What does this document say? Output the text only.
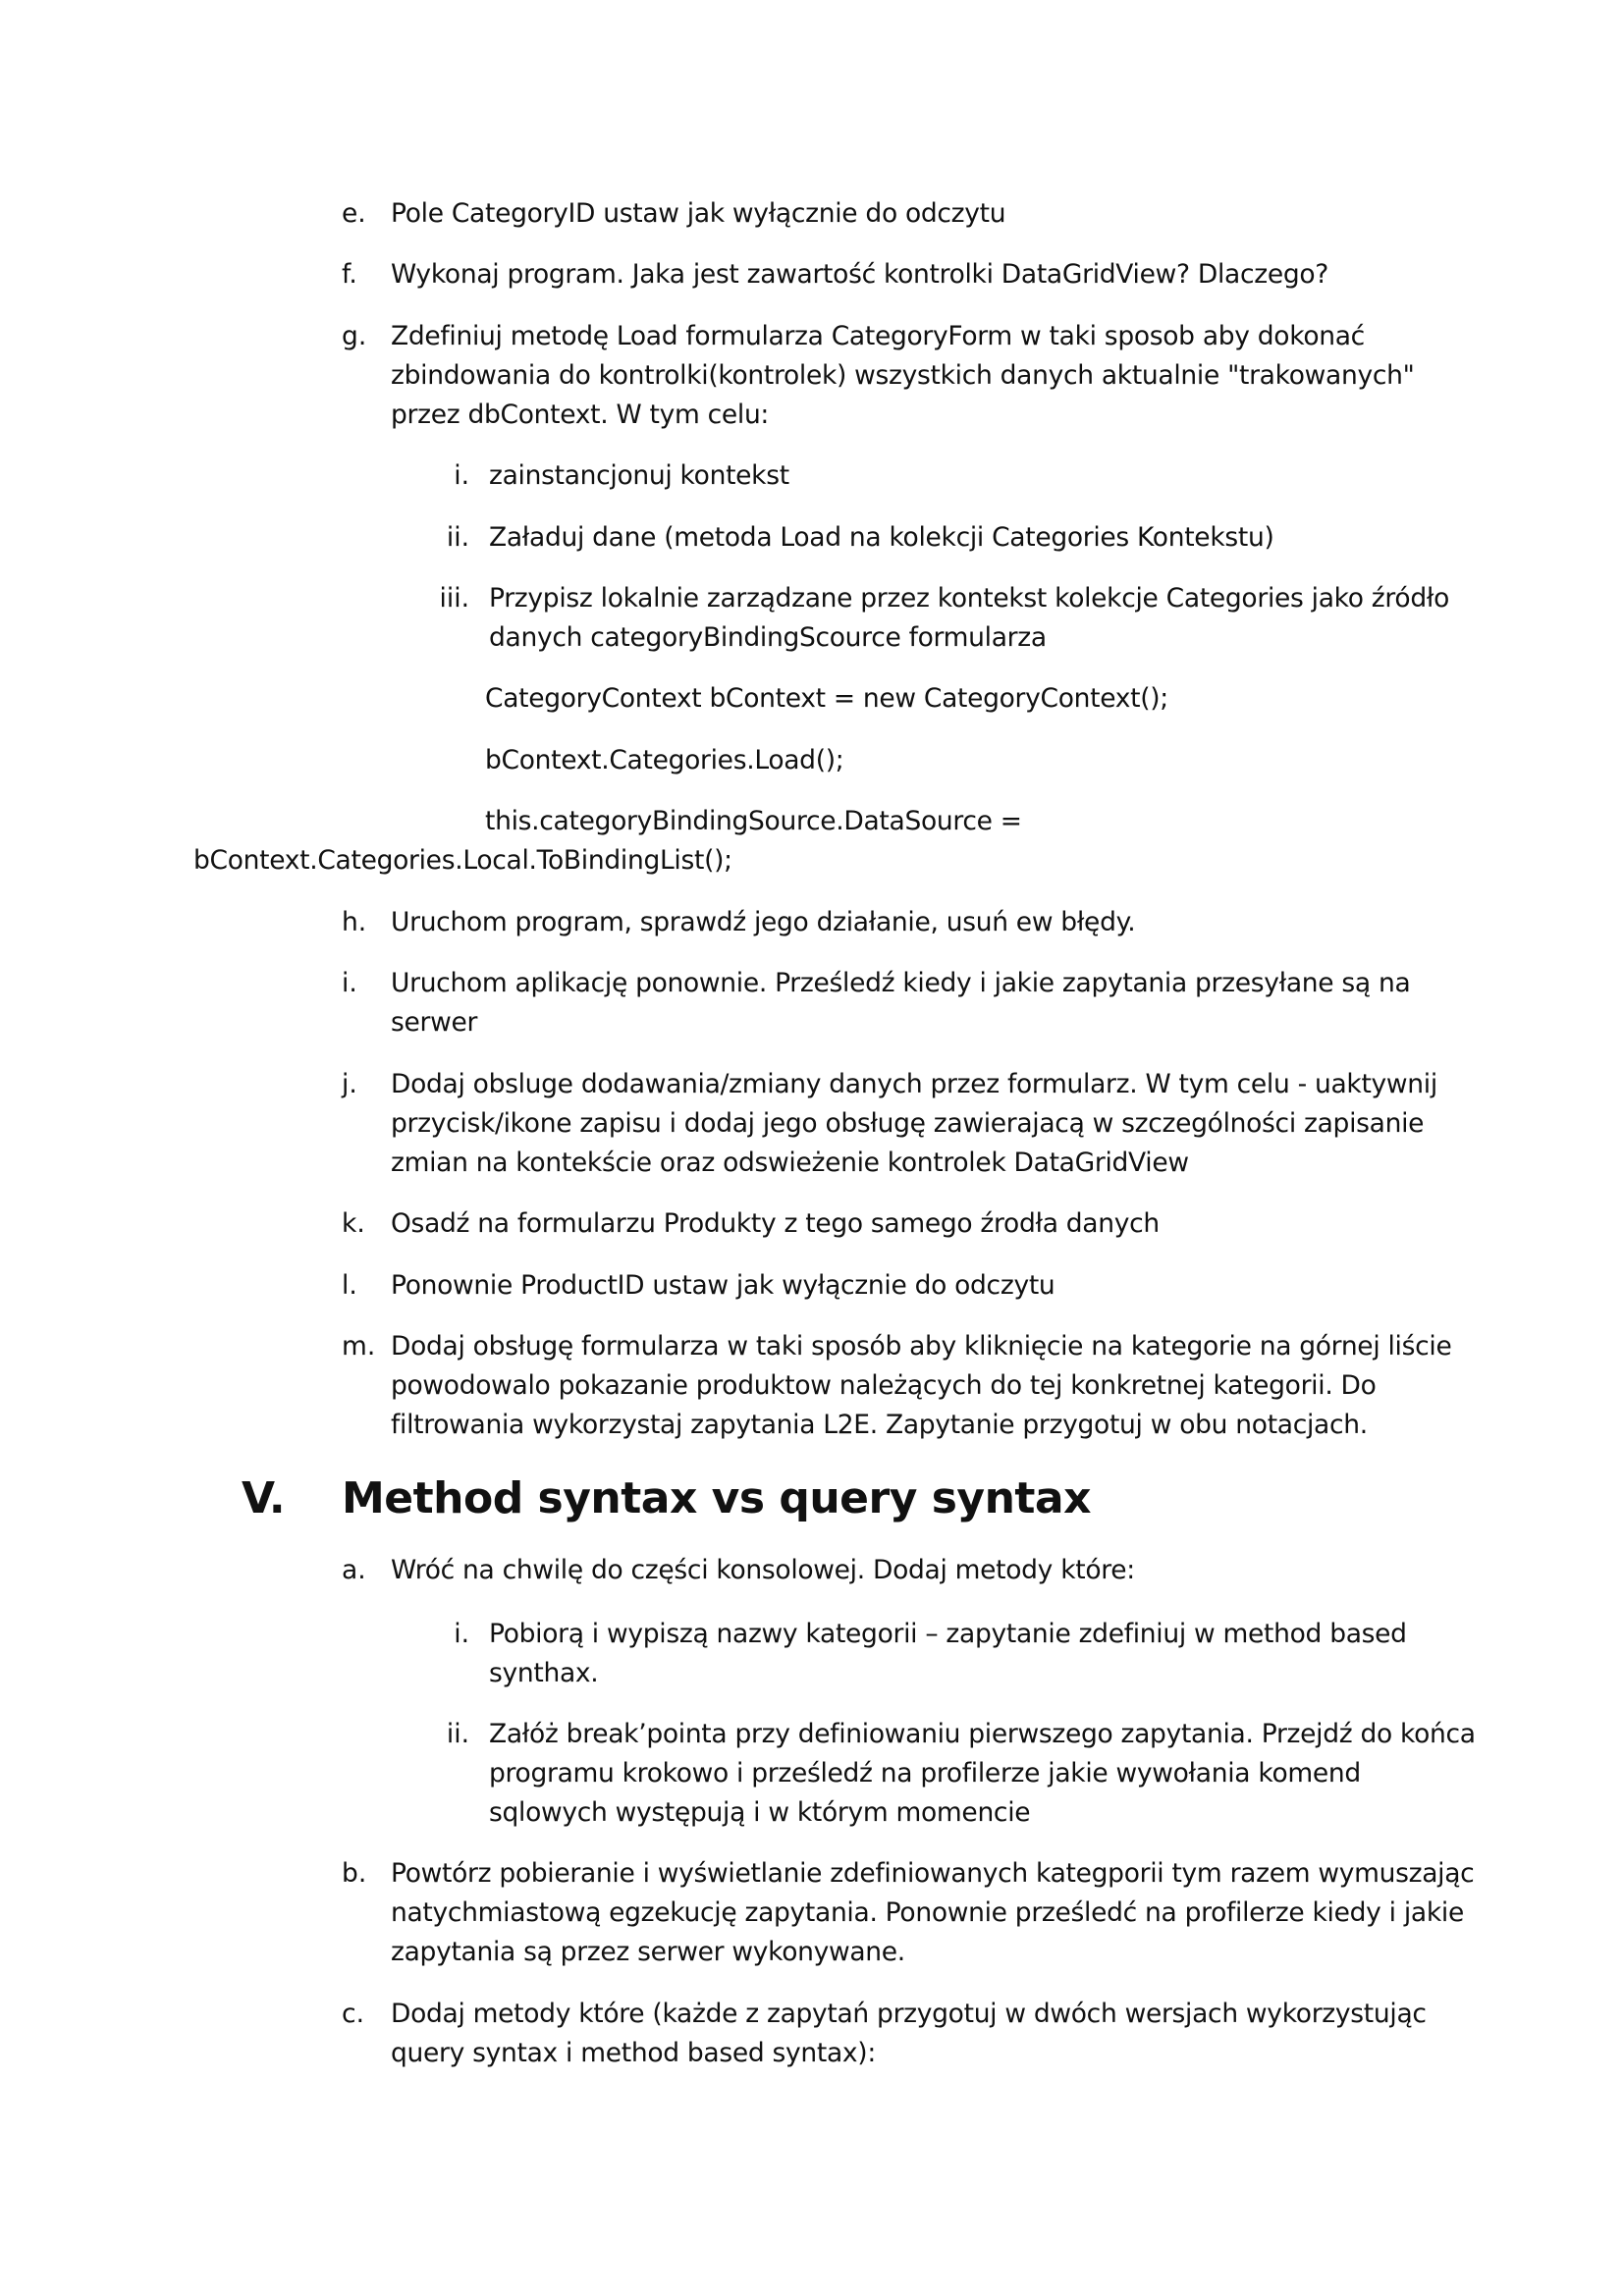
e. Pole CategoryID ustaw jak wyłącznie do odczytu

f. Wykonaj program. Jaka jest zawartość kontrolki DataGridView? Dlaczego?

g. Zdefiniuj metodę Load formularza CategoryForm w taki sposob aby dokonać

zbindowania do kontrolki(kontrolek) wszystkich danych aktualnie "trakowanych"

przez dbContext. W tym celu:

i. zainstancjonuj kontekst

ii. Załaduj dane (metoda Load na kolekcji Categories Kontekstu)

iii. Przypisz lokalnie zarządzane przez kontekst kolekcje Categories jako źródło

danych categoryBindingScource formularza

CategoryContext bContext = new CategoryContext();

bContext.Categories.Load();

this.categoryBindingSource.DataSource =

bContext.Categories.Local.ToBindingList();

h. Uruchom program, sprawdź jego działanie, usuń ew błędy.

i. Uruchom aplikację ponownie. Prześledź kiedy i jakie zapytania przesyłane są na

serwer

j. Dodaj obsluge dodawania/zmiany danych przez formularz. W tym celu - uaktywnij

przycisk/ikone zapisu i dodaj jego obsługę zawierajacą w szczególności zapisanie

zmian na kontekście oraz odswieżenie kontrolek DataGridView

k. Osadź na formularzu Produkty z tego samego źrodła danych

l. Ponownie ProductID ustaw jak wyłącznie do odczytu

m. Dodaj obsługę formularza w taki sposób aby kliknięcie na kategorie na górnej liście

powodowalo pokazanie produktow należących do tej konkretnej kategorii. Do

filtrowania wykorzystaj zapytania L2E. Zapytanie przygotuj w obu notacjach.

V. Method syntax vs query syntax

a. Wróć na chwilę do części konsolowej. Dodaj metody które:

i. Pobiorą i wypiszą nazwy kategorii – zapytanie zdefiniuj w method based

synthax.

ii. Załóż break’pointa przy definiowaniu pierwszego zapytania. Przejdź do końca

programu krokowo i prześledź na profilerze jakie wywołania komend

sqlowych występują i w którym momencie

b. Powtórz pobieranie i wyświetlanie zdefiniowanych kategporii tym razem wymuszając

natychmiastową egzekucję zapytania. Ponownie prześledć na profilerze kiedy i jakie

zapytania są przez serwer wykonywane.

c. Dodaj metody które (każde z zapytań przygotuj w dwóch wersjach wykorzystując

query syntax i method based syntax):
